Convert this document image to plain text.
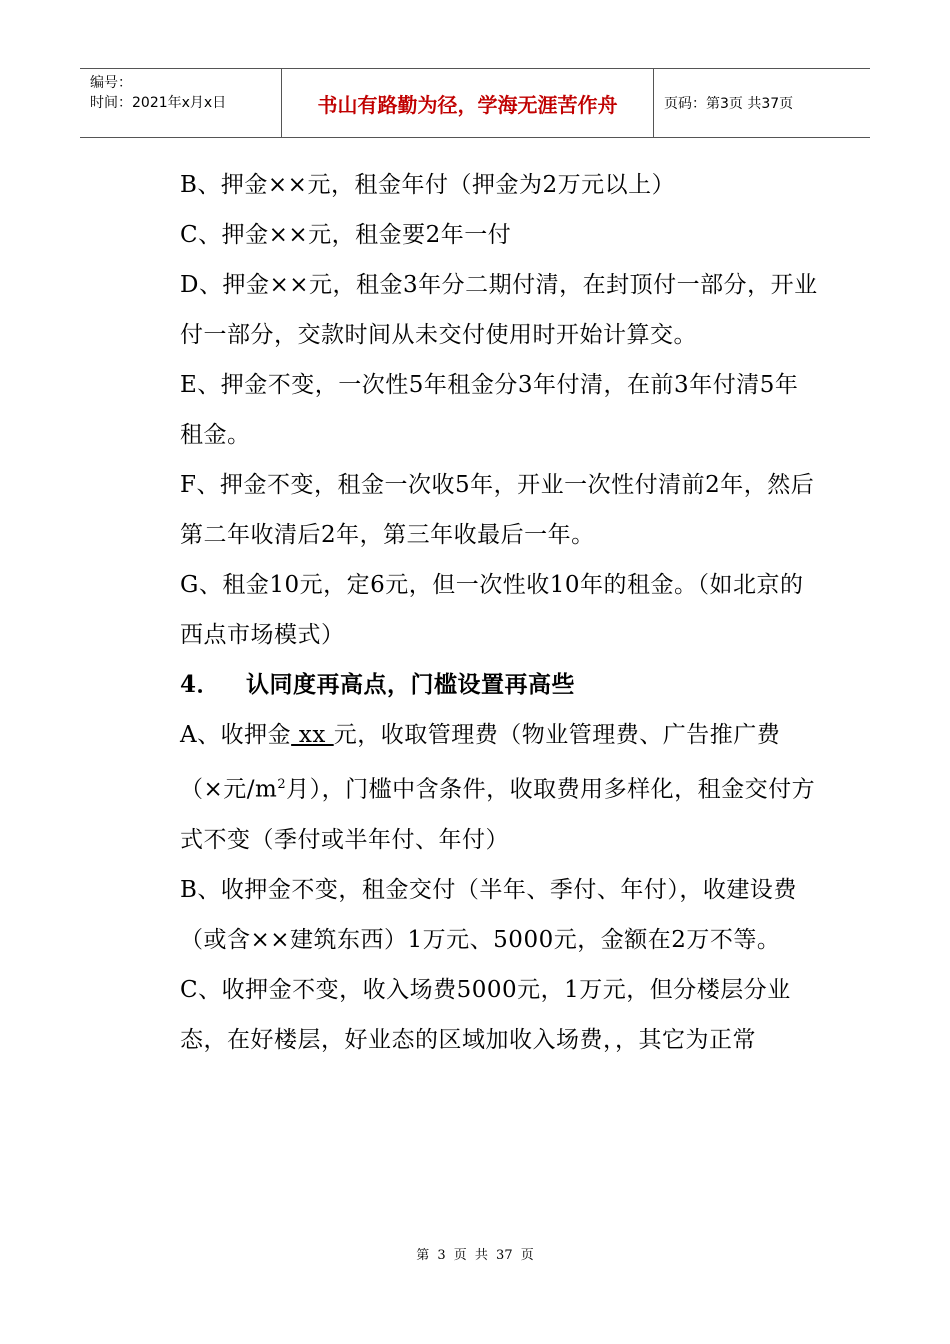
编号：
时间：2021年x月x日	书山有路勤为径，学海无涯苦作舟	页码：第3页 共37页

B、押金××元，租金年付（押金为2万元以上）

C、押金××元，租金要2年一付

D、押金××元，租金3年分二期付清，在封顶付一部分，开业付一部分，交款时间从未交付使用时开始计算交。

E、押金不变，一次性5年租金分3年付清，在前3年付清5年租金。

F、押金不变，租金一次收5年，开业一次性付清前2年，然后第二年收清后2年，第三年收最后一年。

G、租金10元，定6元，但一次性收10年的租金。（如北京的西点市场模式）

4． 认同度再高点，门槛设置再高些

A、收押金 xx 元，收取管理费（物业管理费、广告推广费（×元$/m^2$月），门槛中含条件，收取费用多样化，租金交付方式不变（季付或半年付、年付）

B、收押金不变，租金交付（半年、季付、年付），收建设费（或含××建筑东西）1万元、5000元，金额在2万不等。

C、收押金不变，收入场费5000元，1万元，但分楼层分业态，在好楼层，好业态的区域加收入场费，，其它为正常

第 3 页 共 37 页
